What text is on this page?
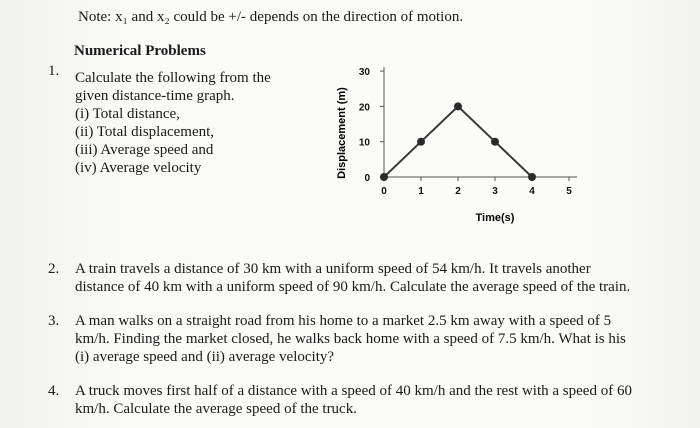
Note: x₁ and x₂ could be +/- depends on the direction of motion.
Numerical Problems
1. Calculate the following from the
given distance-time graph.
(i) Total distance,
(ii) Total displacement,
(iii) Average speed and
(iv) Average velocity
0	1	2	3	4	5
0
10
20
30
Time(s)
Displacement (m)
2. A train travels a distance of 30 km with a uniform speed of 54 km/h. It travels another
distance of 40 km with a uniform speed of 90 km/h. Calculate the average speed of the train.
3. A man walks on a straight road from his home to a market 2.5 km away with a speed of 5
km/h. Finding the market closed, he walks back home with a speed of 7.5 km/h. What is his
(i) average speed and (ii) average velocity?
4. A truck moves first half of a distance with a speed of 40 km/h and the rest with a speed of 60
km/h. Calculate the average speed of the truck.
